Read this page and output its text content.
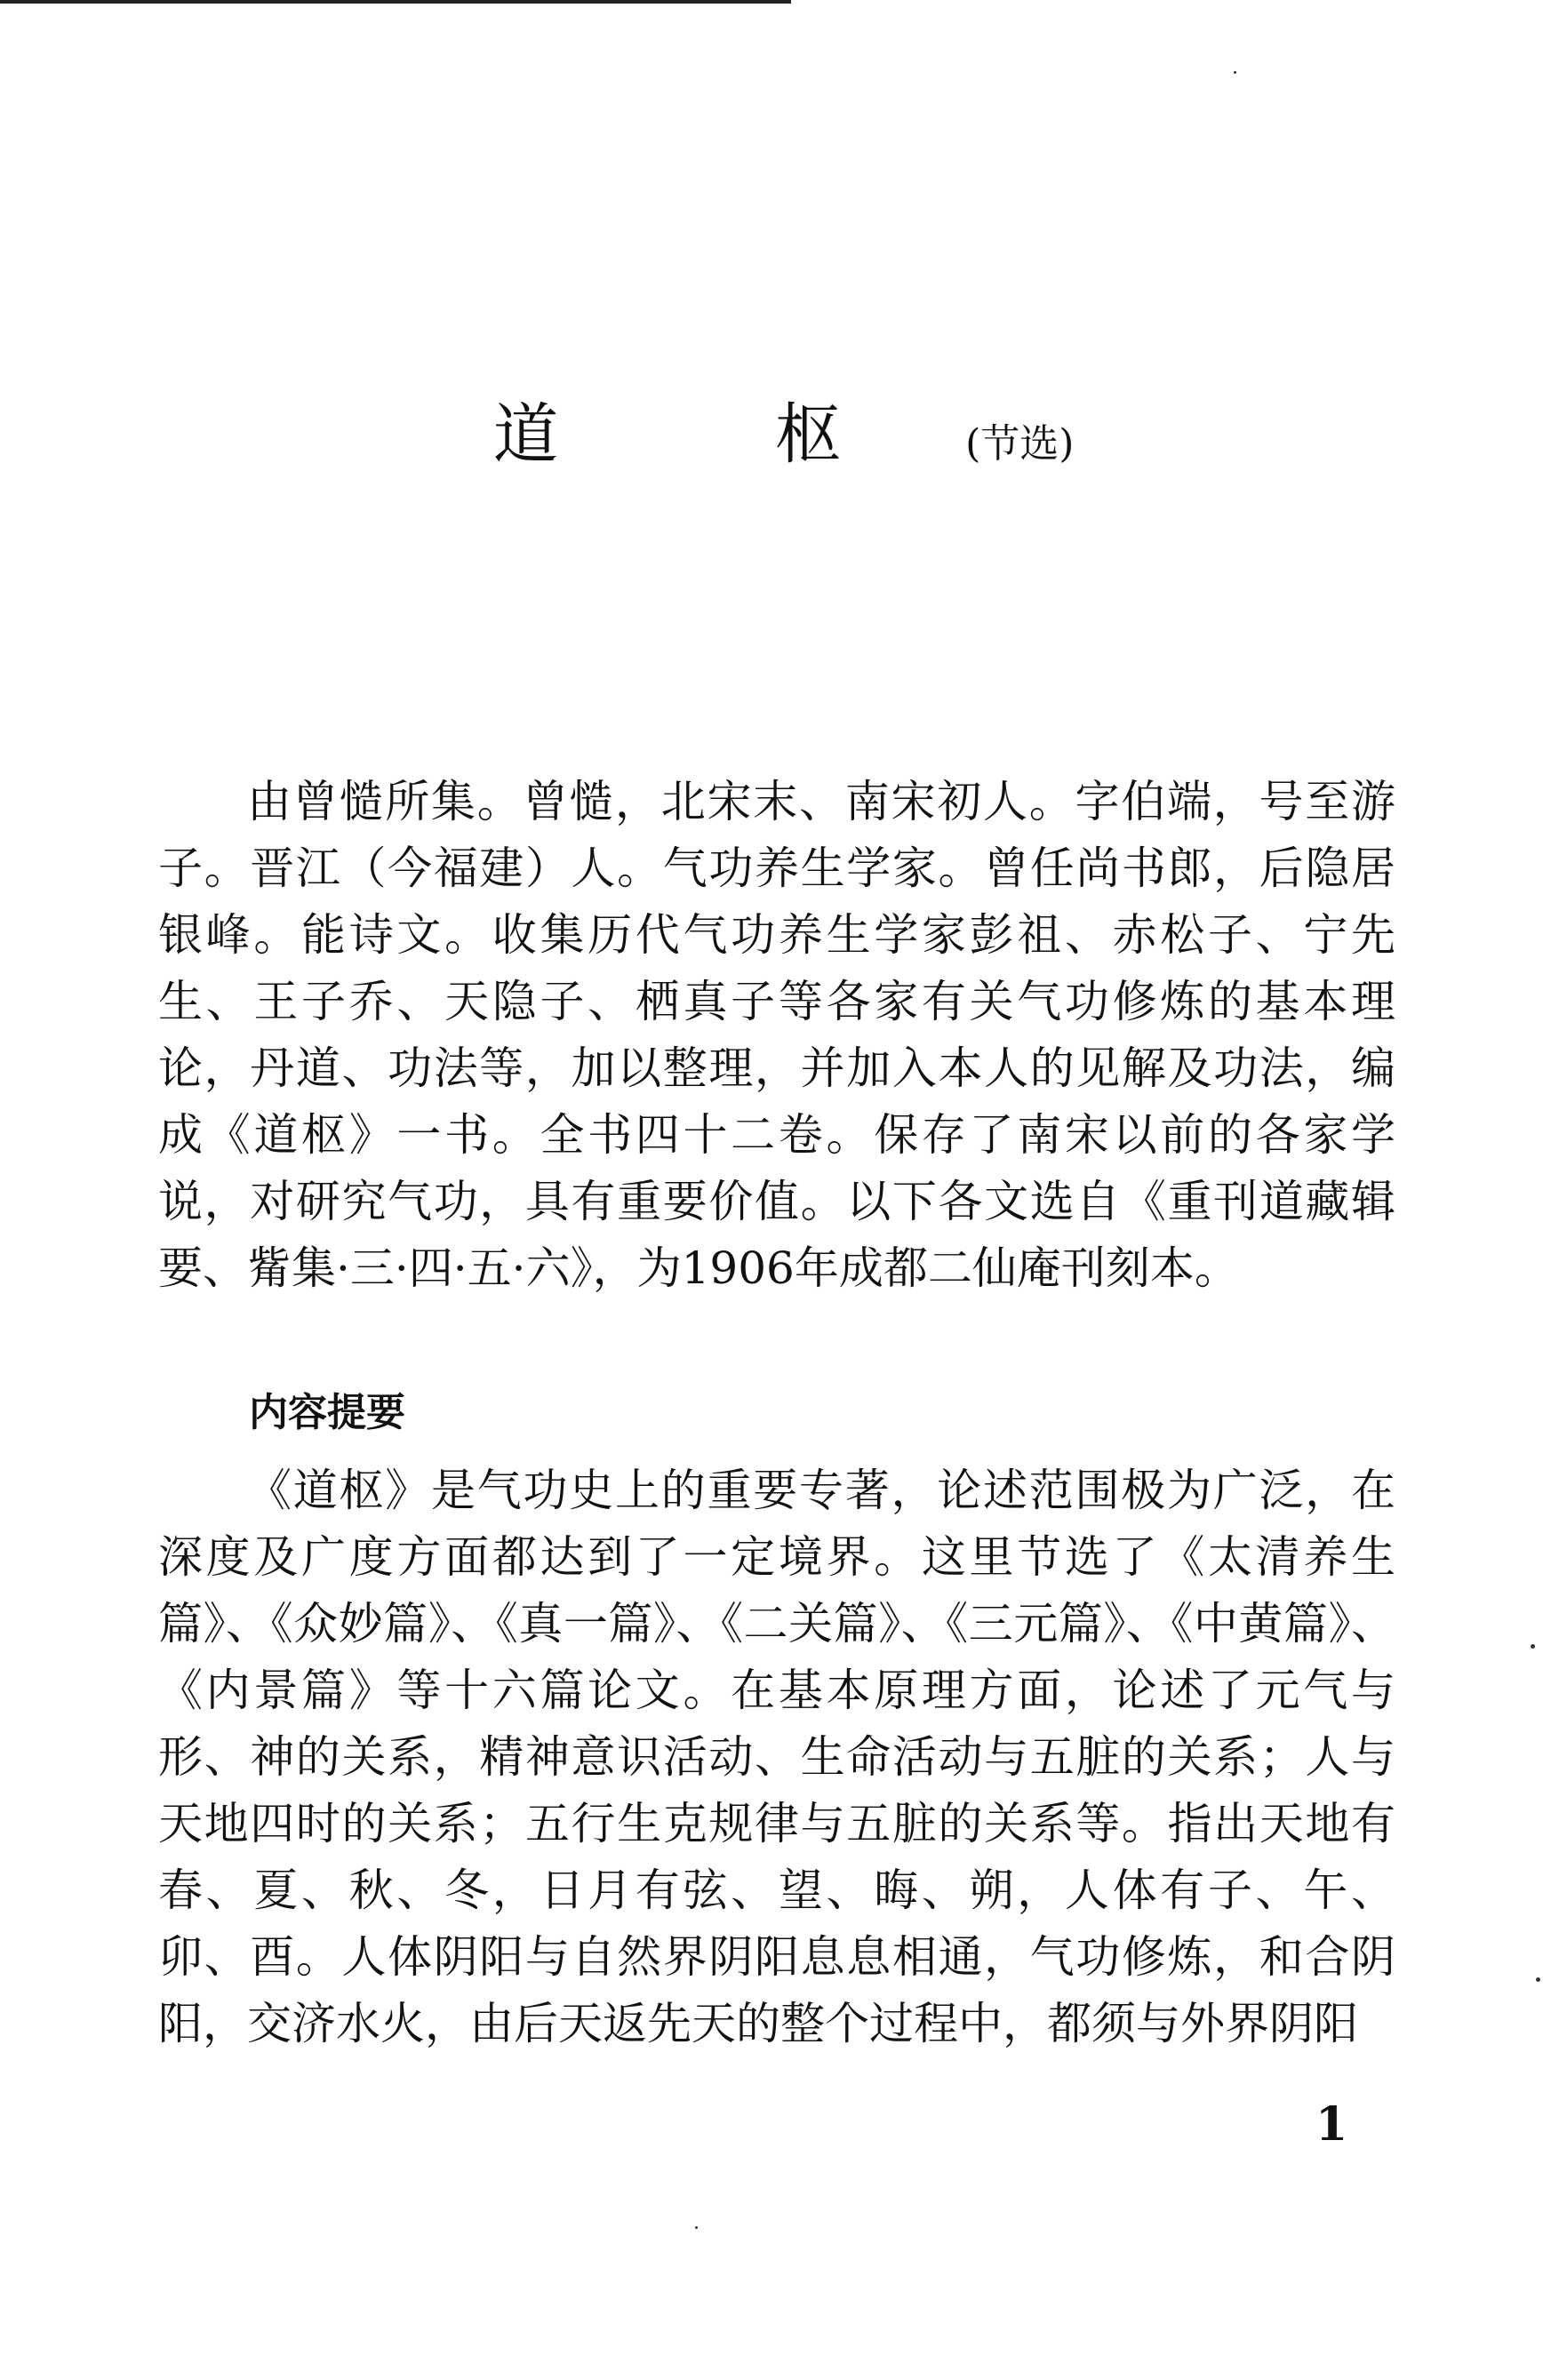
道 枢 (节选)
由曾慥所集。曾慥，北宋末、南宋初人。字伯端，号至游子。晋江（今福建）人。气功养生学家。曾任尚书郎，后隐居银峰。能诗文。收集历代气功养生学家彭祖、赤松子、宁先生、王子乔、天隐子、栖真子等各家有关气功修炼的基本理论，丹道、功法等，加以整理，并加入本人的见解及功法，编成《道枢》一书。全书四十二卷。保存了南宋以前的各家学说，对研究气功，具有重要价值。以下各文选自《重刊道藏辑要、觜集·三·四·五·六》，为1906年成都二仙庵刊刻本。
内容提要
《道枢》是气功史上的重要专著，论述范围极为广泛，在深度及广度方面都达到了一定境界。这里节选了《太清养生篇》、《众妙篇》、《真一篇》、《二关篇》、《三元篇》、《中黄篇》、《内景篇》等十六篇论文。在基本原理方面，论述了元气与形、神的关系，精神意识活动、生命活动与五脏的关系；人与天地四时的关系；五行生克规律与五脏的关系等。指出天地有春、夏、秋、冬，日月有弦、望、晦、朔，人体有子、午、卯、酉。人体阴阳与自然界阴阳息息相通，气功修炼，和合阴阳，交济水火，由后天返先天的整个过程中，都须与外界阴阳
1
